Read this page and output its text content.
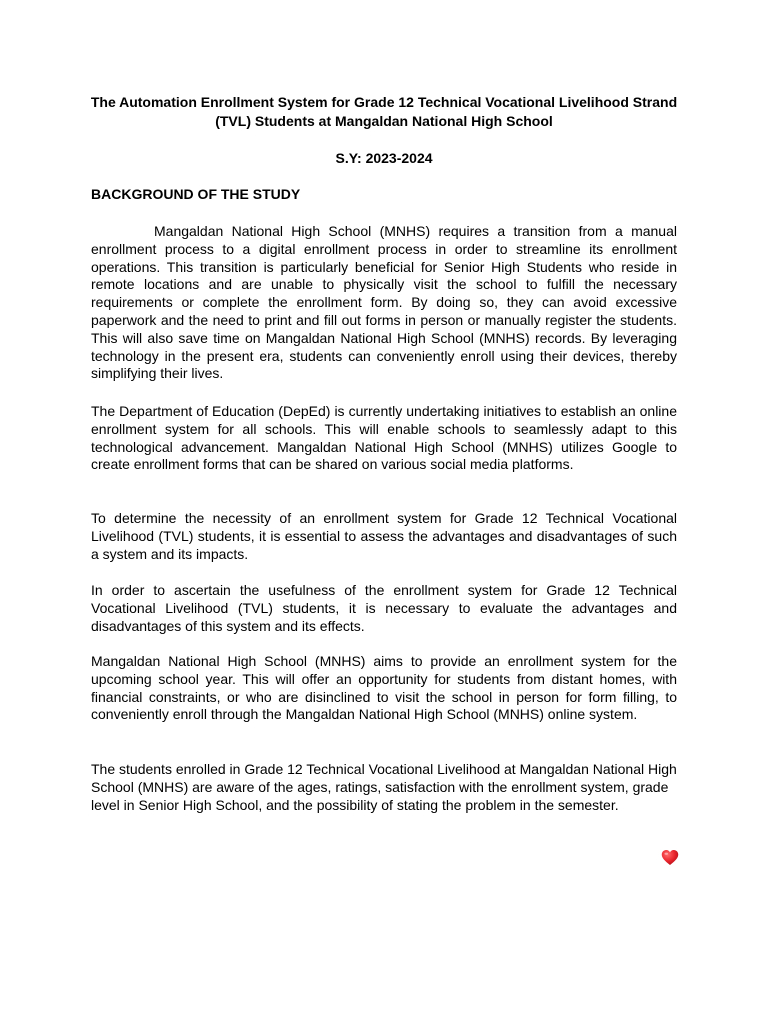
The Automation Enrollment System for Grade 12 Technical Vocational Livelihood Strand (TVL) Students at Mangaldan National High School
S.Y: 2023-2024
BACKGROUND OF THE STUDY

Mangaldan National High School (MNHS) requires a transition from a manual enrollment process to a digital enrollment process in order to streamline its enrollment operations. This transition is particularly beneficial for Senior High Students who reside in remote locations and are unable to physically visit the school to fulfill the necessary requirements or complete the enrollment form. By doing so, they can avoid excessive paperwork and the need to print and fill out forms in person or manually register the students. This will also save time on Mangaldan National High School (MNHS) records. By leveraging technology in the present era, students can conveniently enroll using their devices, thereby simplifying their lives.

The Department of Education (DepEd) is currently undertaking initiatives to establish an online enrollment system for all schools. This will enable schools to seamlessly adapt to this technological advancement. Mangaldan National High School (MNHS) utilizes Google to create enrollment forms that can be shared on various social media platforms.

To determine the necessity of an enrollment system for Grade 12 Technical Vocational Livelihood (TVL) students, it is essential to assess the advantages and disadvantages of such a system and its impacts.

In order to ascertain the usefulness of the enrollment system for Grade 12 Technical Vocational Livelihood (TVL) students, it is necessary to evaluate the advantages and disadvantages of this system and its effects.

Mangaldan National High School (MNHS) aims to provide an enrollment system for the upcoming school year. This will offer an opportunity for students from distant homes, with financial constraints, or who are disinclined to visit the school in person for form filling, to conveniently enroll through the Mangaldan National High School (MNHS) online system.

The students enrolled in Grade 12 Technical Vocational Livelihood at Mangaldan National High School (MNHS) are aware of the ages, ratings, satisfaction with the enrollment system, grade level in Senior High School, and the possibility of stating the problem in the semester.
